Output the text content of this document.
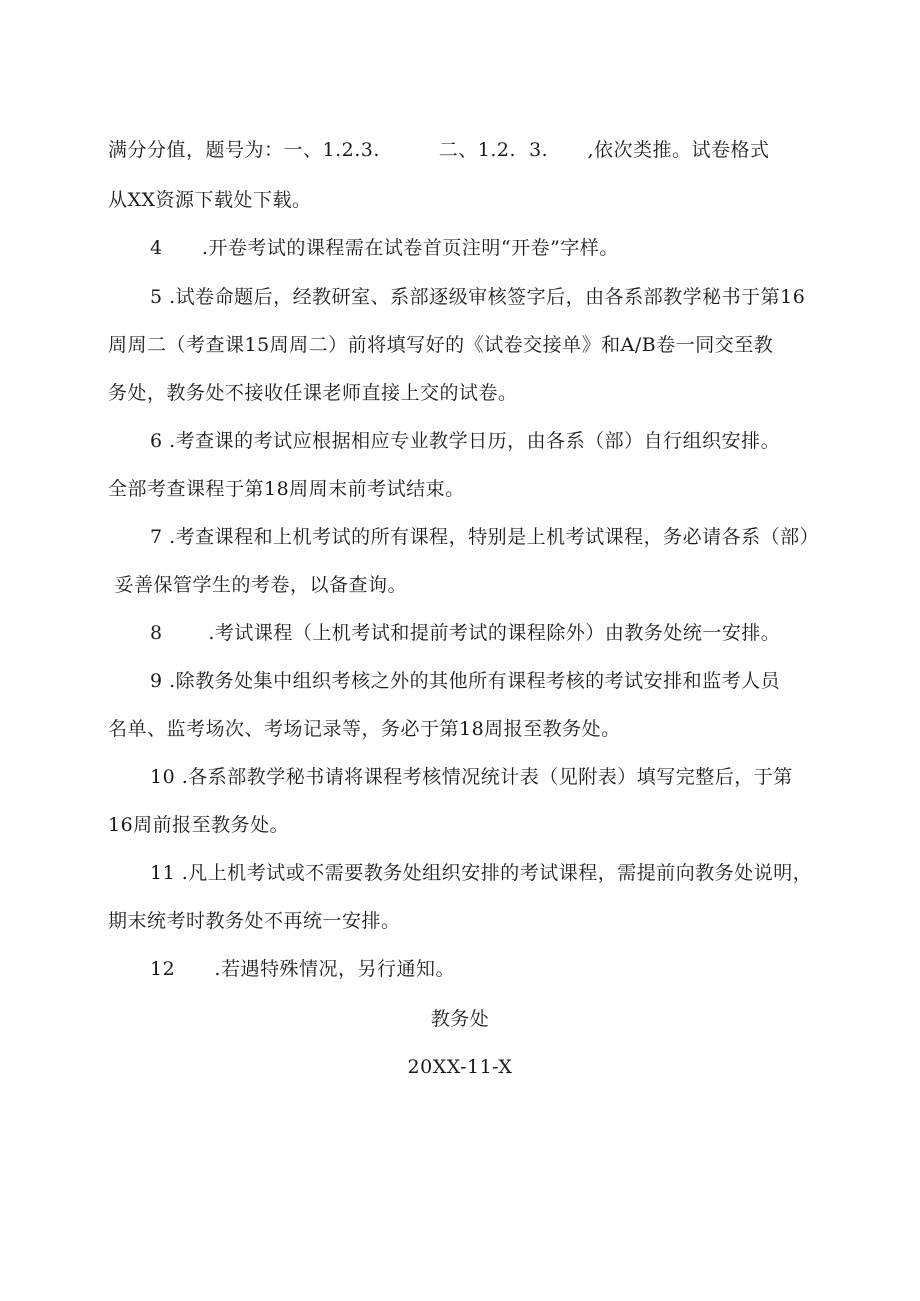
满分分值，题号为：一、1.2.3.         二、1.2.  3.      ,依次类推。试卷格式
从XX资源下载处下载。
4      .开卷考试的课程需在试卷首页注明“开卷”字样。
5 .试卷命题后，经教研室、系部逐级审核签字后，由各系部教学秘书于第16
周周二（考查课15周周二）前将填写好的《试卷交接单》和A/B卷一同交至教
务处，教务处不接收任课老师直接上交的试卷。
6 .考查课的考试应根据相应专业教学日历，由各系（部）自行组织安排。
全部考查课程于第18周周末前考试结束。
7 .考查课程和上机考试的所有课程，特别是上机考试课程，务必请各系（部）
妥善保管学生的考卷，以备查询。
8       .考试课程（上机考试和提前考试的课程除外）由教务处统一安排。
9 .除教务处集中组织考核之外的其他所有课程考核的考试安排和监考人员
名单、监考场次、考场记录等，务必于第18周报至教务处。
10 .各系部教学秘书请将课程考核情况统计表（见附表）填写完整后，于第
16周前报至教务处。
11 .凡上机考试或不需要教务处组织安排的考试课程，需提前向教务处说明，
期末统考时教务处不再统一安排。
12      .若遇特殊情况，另行通知。
教务处
20XX-11-X
